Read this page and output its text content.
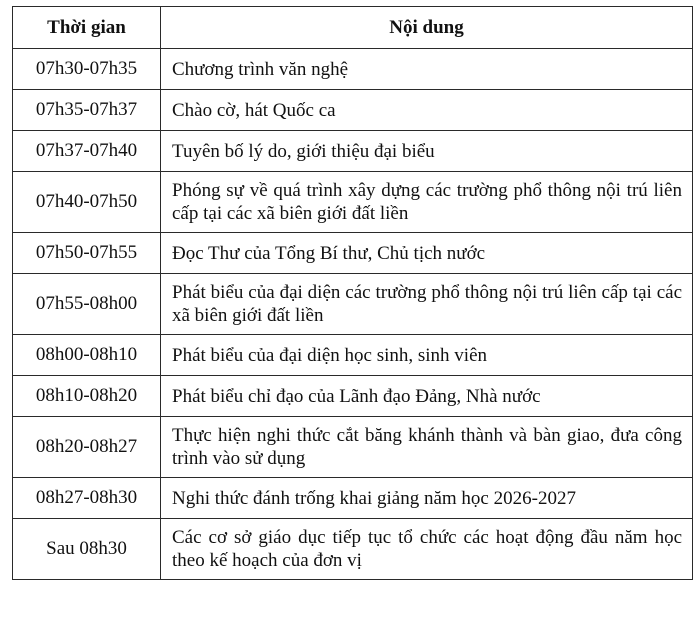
Thời gian	Nội dung
07h30-07h35	Chương trình văn nghệ
07h35-07h37	Chào cờ, hát Quốc ca
07h37-07h40	Tuyên bố lý do, giới thiệu đại biểu
07h40-07h50	Phóng sự về quá trình xây dựng các trường phổ thông nội trú liên cấp tại các xã biên giới đất liền
07h50-07h55	Đọc Thư của Tổng Bí thư, Chủ tịch nước
07h55-08h00	Phát biểu của đại diện các trường phổ thông nội trú liên cấp tại các xã biên giới đất liền
08h00-08h10	Phát biểu của đại diện học sinh, sinh viên
08h10-08h20	Phát biểu chỉ đạo của Lãnh đạo Đảng, Nhà nước
08h20-08h27	Thực hiện nghi thức cắt băng khánh thành và bàn giao, đưa công trình vào sử dụng
08h27-08h30	Nghi thức đánh trống khai giảng năm học 2026-2027
Sau 08h30	Các cơ sở giáo dục tiếp tục tổ chức các hoạt động đầu năm học theo kế hoạch của đơn vị
